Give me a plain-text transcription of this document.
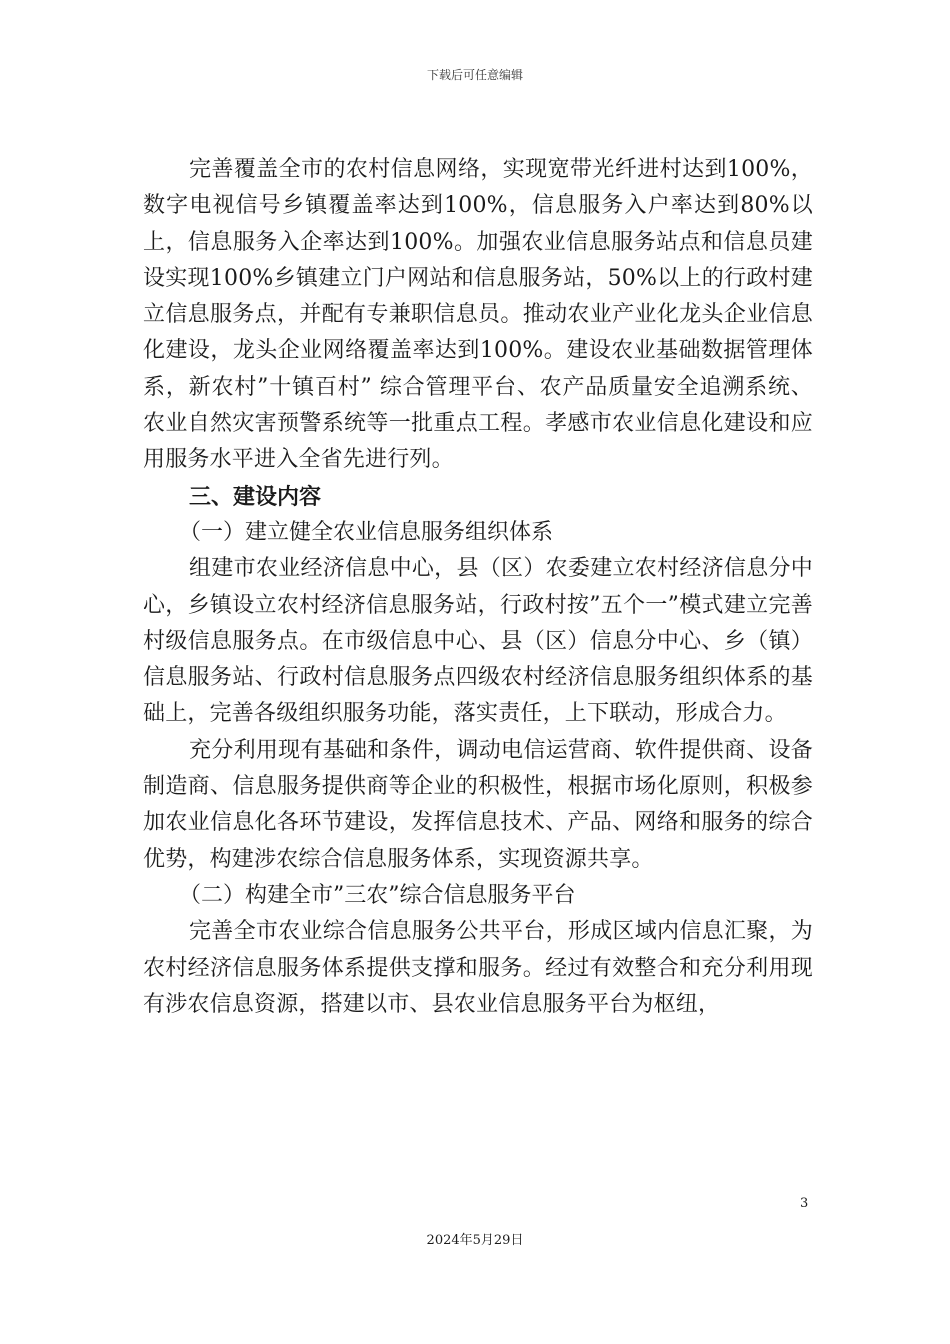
下载后可任意编辑

完善覆盖全市的农村信息网络，实现宽带光纤进村达到100%，数字电视信号乡镇覆盖率达到100%，信息服务入户率达到80%以上，信息服务入企率达到100%。加强农业信息服务站点和信息员建设实现100%乡镇建立门户网站和信息服务站，50%以上的行政村建立信息服务点，并配有专兼职信息员。推动农业产业化龙头企业信息化建设，龙头企业网络覆盖率达到100%。建设农业基础数据管理体系，新农村”十镇百村” 综合管理平台、农产品质量安全追溯系统、农业自然灾害预警系统等一批重点工程。孝感市农业信息化建设和应用服务水平进入全省先进行列。

三、建设内容

（一）建立健全农业信息服务组织体系

组建市农业经济信息中心，县（区）农委建立农村经济信息分中心，乡镇设立农村经济信息服务站，行政村按”五个一”模式建立完善村级信息服务点。在市级信息中心、县（区）信息分中心、乡（镇）信息服务站、行政村信息服务点四级农村经济信息服务组织体系的基础上，完善各级组织服务功能，落实责任，上下联动，形成合力。

充分利用现有基础和条件，调动电信运营商、软件提供商、设备制造商、信息服务提供商等企业的积极性，根据市场化原则，积极参加农业信息化各环节建设，发挥信息技术、产品、网络和服务的综合优势，构建涉农综合信息服务体系，实现资源共享。

（二）构建全市”三农”综合信息服务平台

完善全市农业综合信息服务公共平台，形成区域内信息汇聚，为农村经济信息服务体系提供支撑和服务。经过有效整合和充分利用现有涉农信息资源，搭建以市、县农业信息服务平台为枢纽，

3
2024年5月29日
